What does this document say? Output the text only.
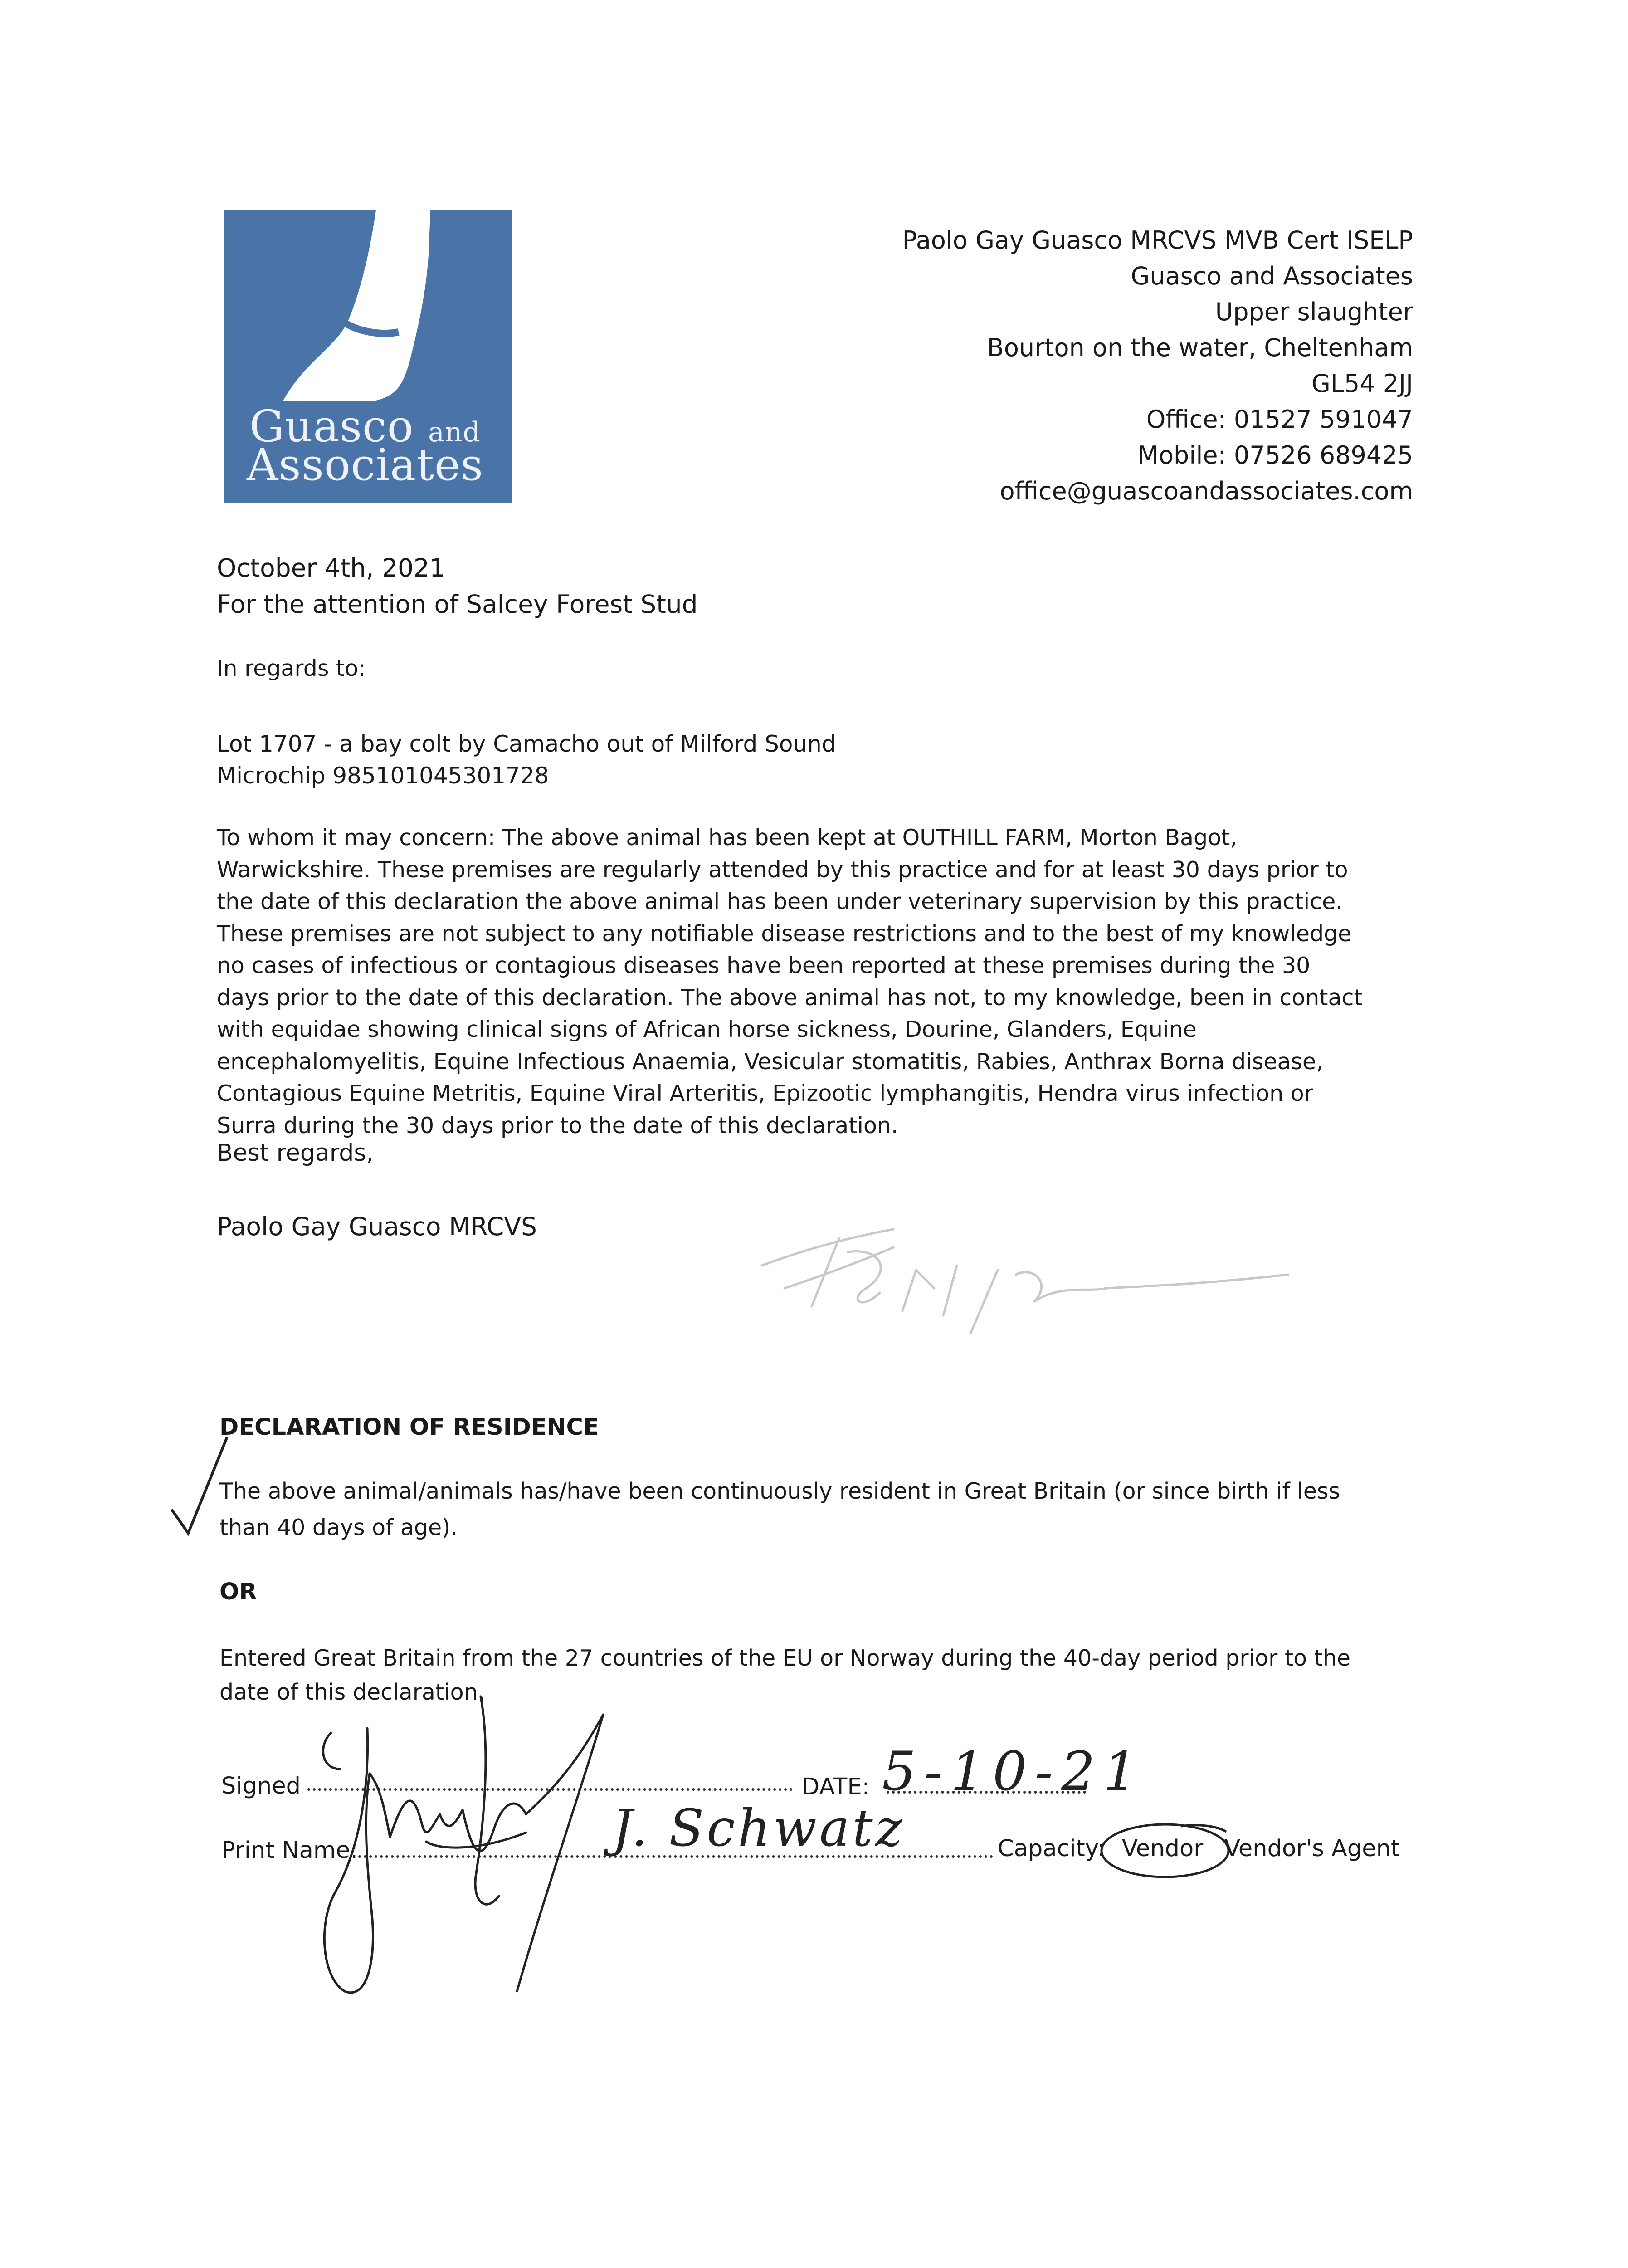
Guasco and
Associates
Paolo Gay Guasco MRCVS MVB Cert ISELP
Guasco and Associates
Upper slaughter
Bourton on the water, Cheltenham
GL54 2JJ
Office: 01527 591047
Mobile: 07526 689425
office@guascoandassociates.com

October 4th, 2021

For the attention of Salcey Forest Stud

In regards to:

Lot 1707 - a bay colt by Camacho out of Milford Sound

Microchip 985101045301728

To whom it may concern: The above animal has been kept at OUTHILL FARM, Morton Bagot,
Warwickshire. These premises are regularly attended by this practice and for at least 30 days prior to
the date of this declaration the above animal has been under veterinary supervision by this practice.
These premises are not subject to any notifiable disease restrictions and to the best of my knowledge
no cases of infectious or contagious diseases have been reported at these premises during the 30
days prior to the date of this declaration. The above animal has not, to my knowledge, been in contact
with equidae showing clinical signs of African horse sickness, Dourine, Glanders, Equine
encephalomyelitis, Equine Infectious Anaemia, Vesicular stomatitis, Rabies, Anthrax Borna disease,
Contagious Equine Metritis, Equine Viral Arteritis, Epizootic lymphangitis, Hendra virus infection or
Surra during the 30 days prior to the date of this declaration.

Best regards,

Paolo Gay Guasco MRCVS

DECLARATION OF RESIDENCE

The above animal/animals has/have been continuously resident in Great Britain (or since birth if less
than 40 days of age).

OR

Entered Great Britain from the 27 countries of the EU or Norway during the 40-day period prior to the
date of this declaration.

Signed	DATE:

Print Name:	Capacity: Vendor Vendor's Agent

5-10-21

J. Schwatz
